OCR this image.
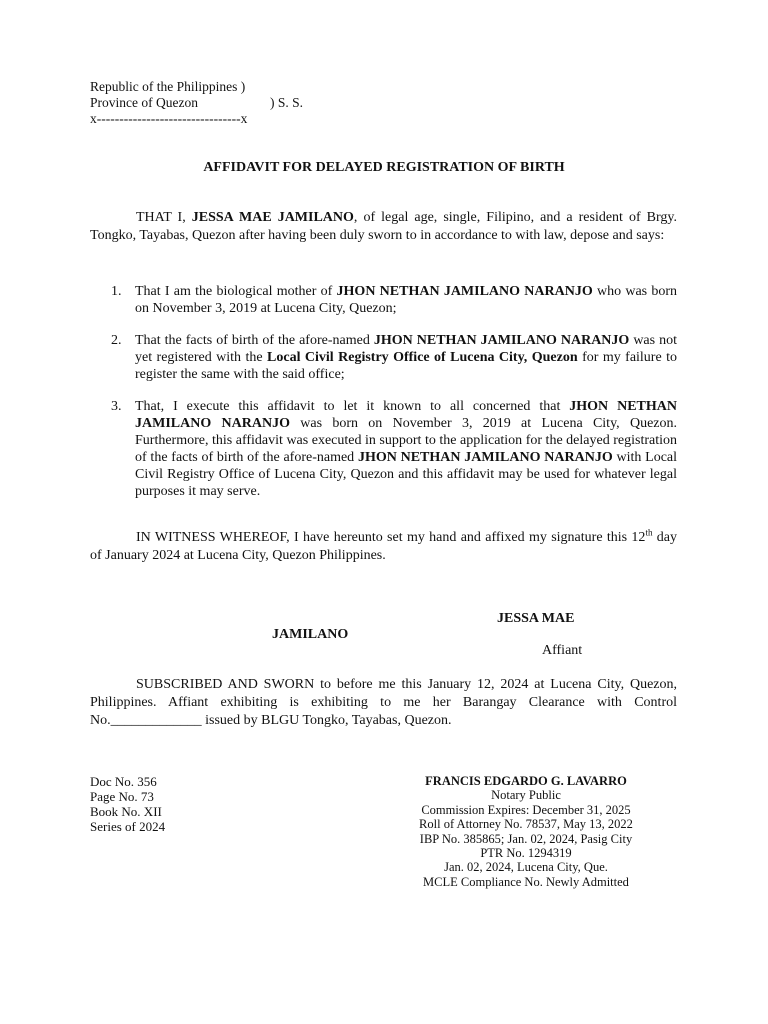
Republic of the Philippines )
Province of Quezon	) S. S.
x--------------------------------x
AFFIDAVIT FOR DELAYED REGISTRATION OF BIRTH
THAT I, JESSA MAE JAMILANO, of legal age, single, Filipino, and a resident of Brgy. Tongko, Tayabas, Quezon after having been duly sworn to in accordance to with law, depose and says:
1. That I am the biological mother of JHON NETHAN JAMILANO NARANJO who was born on November 3, 2019 at Lucena City, Quezon;
2. That the facts of birth of the afore-named JHON NETHAN JAMILANO NARANJO was not yet registered with the Local Civil Registry Office of Lucena City, Quezon for my failure to register the same with the said office;
3. That, I execute this affidavit to let it known to all concerned that JHON NETHAN JAMILANO NARANJO was born on November 3, 2019 at Lucena City, Quezon. Furthermore, this affidavit was executed in support to the application for the delayed registration of the facts of birth of the afore-named JHON NETHAN JAMILANO NARANJO with Local Civil Registry Office of Lucena City, Quezon and this affidavit may be used for whatever legal purposes it may serve.
IN WITNESS WHEREOF, I have hereunto set my hand and affixed my signature this 12th day of January 2024 at Lucena City, Quezon Philippines.
JESSA MAE
JAMILANO
Affiant
SUBSCRIBED AND SWORN to before me this January 12, 2024 at Lucena City, Quezon, Philippines. Affiant exhibiting is exhibiting to me her Barangay Clearance with Control No._____________ issued by BLGU Tongko, Tayabas, Quezon.
Doc No. 356
Page No. 73
Book No. XII
Series of 2024
FRANCIS EDGARDO G. LAVARRO
Notary Public
Commission Expires: December 31, 2025
Roll of Attorney No. 78537, May 13, 2022
IBP No. 385865; Jan. 02, 2024, Pasig City
PTR No. 1294319
Jan. 02, 2024, Lucena City, Que.
MCLE Compliance No. Newly Admitted
